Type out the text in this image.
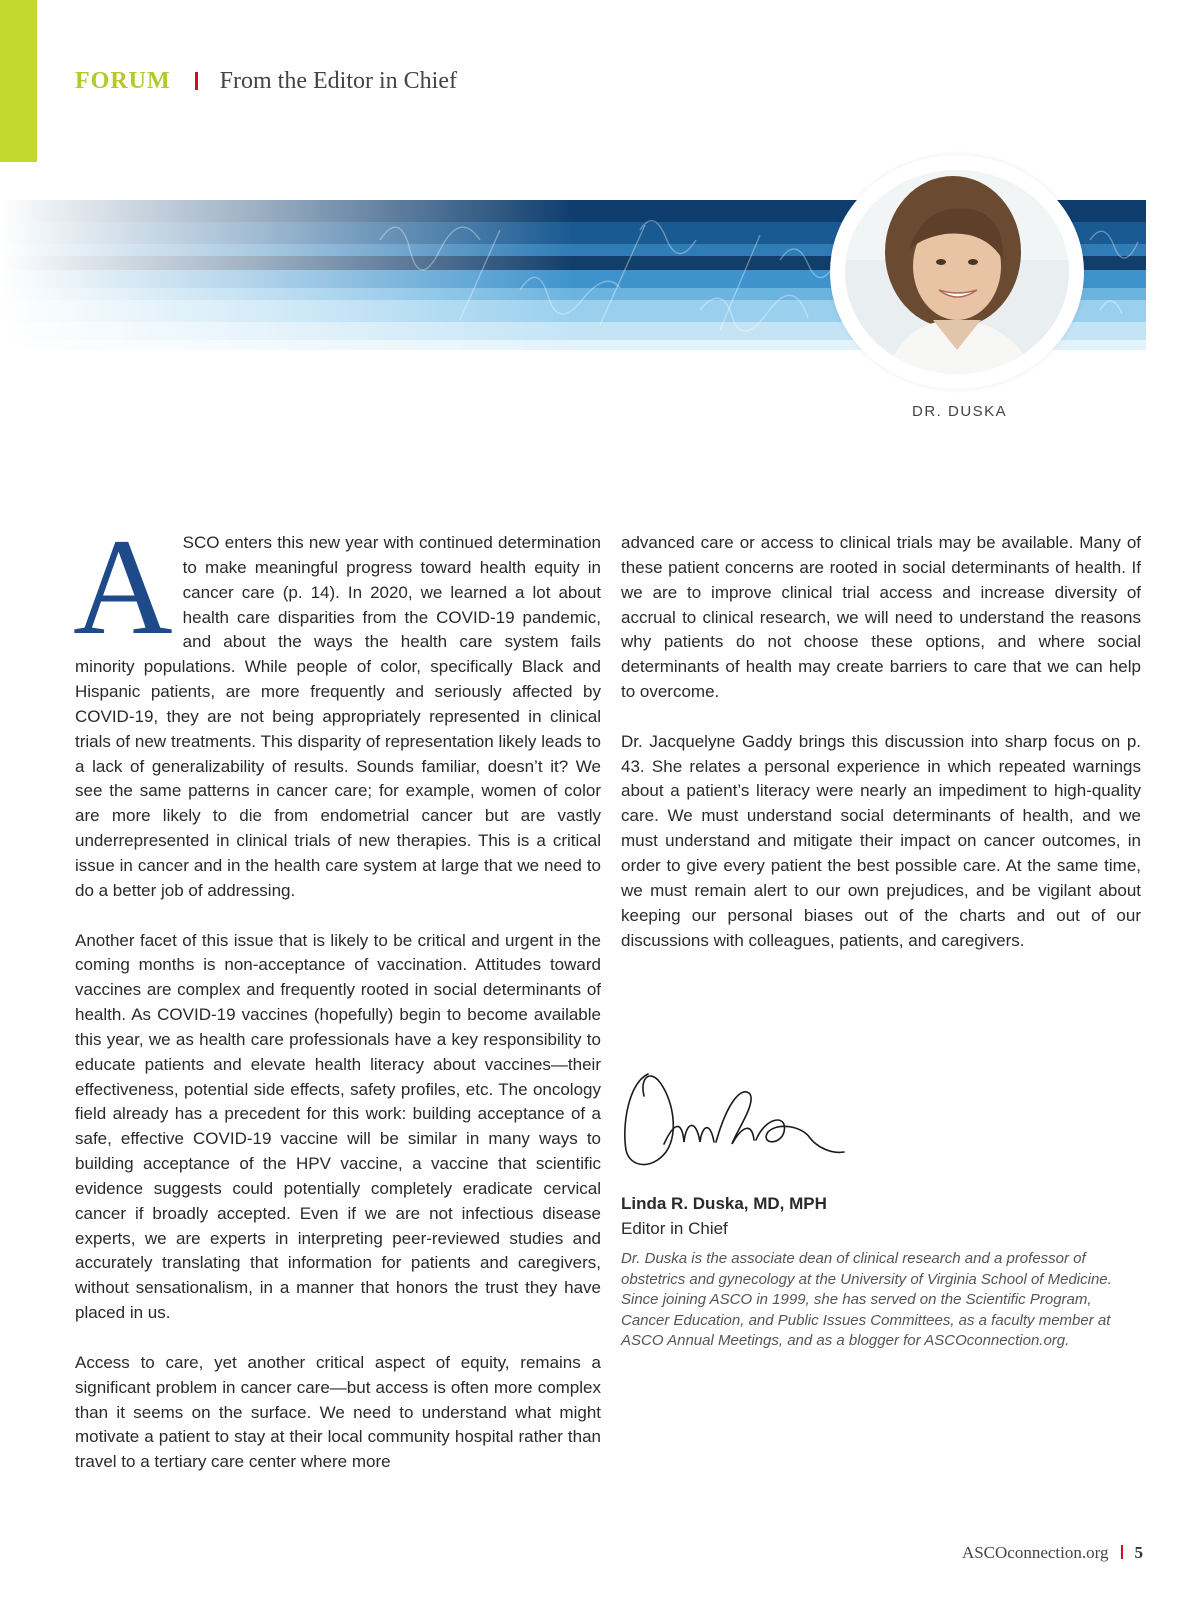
FORUM From the Editor in Chief
DR. DUSKA

ASCO enters this new year with continued determination to make meaningful progress toward health equity in cancer care (p. 14). In 2020, we learned a lot about health care disparities from the COVID-19 pandemic, and about the ways the health care system fails minority populations. While people of color, specifically Black and Hispanic patients, are more frequently and seriously affected by COVID-19, they are not being appropriately represented in clinical trials of new treatments. This disparity of representation likely leads to a lack of generalizability of results. Sounds familiar, doesn’t it? We see the same patterns in cancer care; for example, women of color are more likely to die from endometrial cancer but are vastly underrepresented in clinical trials of new therapies. This is a critical issue in cancer and in the health care system at large that we need to do a better job of addressing.

Another facet of this issue that is likely to be critical and urgent in the coming months is non-acceptance of vaccination. Attitudes toward vaccines are complex and frequently rooted in social determinants of health. As COVID-19 vaccines (hopefully) begin to become available this year, we as health care professionals have a key responsibility to educate patients and elevate health literacy about vaccines—their effectiveness, potential side effects, safety profiles, etc. The oncology field already has a precedent for this work: building acceptance of a safe, effective COVID-19 vaccine will be similar in many ways to building acceptance of the HPV vaccine, a vaccine that scientific evidence suggests could potentially completely eradicate cervical cancer if broadly accepted. Even if we are not infectious disease experts, we are experts in interpreting peer-reviewed studies and accurately translating that information for patients and caregivers, without sensationalism, in a manner that honors the trust they have placed in us.

Access to care, yet another critical aspect of equity, remains a significant problem in cancer care—but access is often more complex than it seems on the surface. We need to understand what might motivate a patient to stay at their local community hospital rather than travel to a tertiary care center where more

advanced care or access to clinical trials may be available. Many of these patient concerns are rooted in social determinants of health. If we are to improve clinical trial access and increase diversity of accrual to clinical research, we will need to understand the reasons why patients do not choose these options, and where social determinants of health may create barriers to care that we can help to overcome.

Dr. Jacquelyne Gaddy brings this discussion into sharp focus on p. 43. She relates a personal experience in which repeated warnings about a patient’s literacy were nearly an impediment to high-quality care. We must understand social determinants of health, and we must understand and mitigate their impact on cancer outcomes, in order to give every patient the best possible care. At the same time, we must remain alert to our own prejudices, and be vigilant about keeping our personal biases out of the charts and out of our discussions with colleagues, patients, and caregivers.

Linda R. Duska, MD, MPH
Editor in Chief
Dr. Duska is the associate dean of clinical research and a professor of obstetrics and gynecology at the University of Virginia School of Medicine. Since joining ASCO in 1999, she has served on the Scientific Program, Cancer Education, and Public Issues Committees, as a faculty member at ASCO Annual Meetings, and as a blogger for ASCOconnection.org.
ASCOconnection.org 5
